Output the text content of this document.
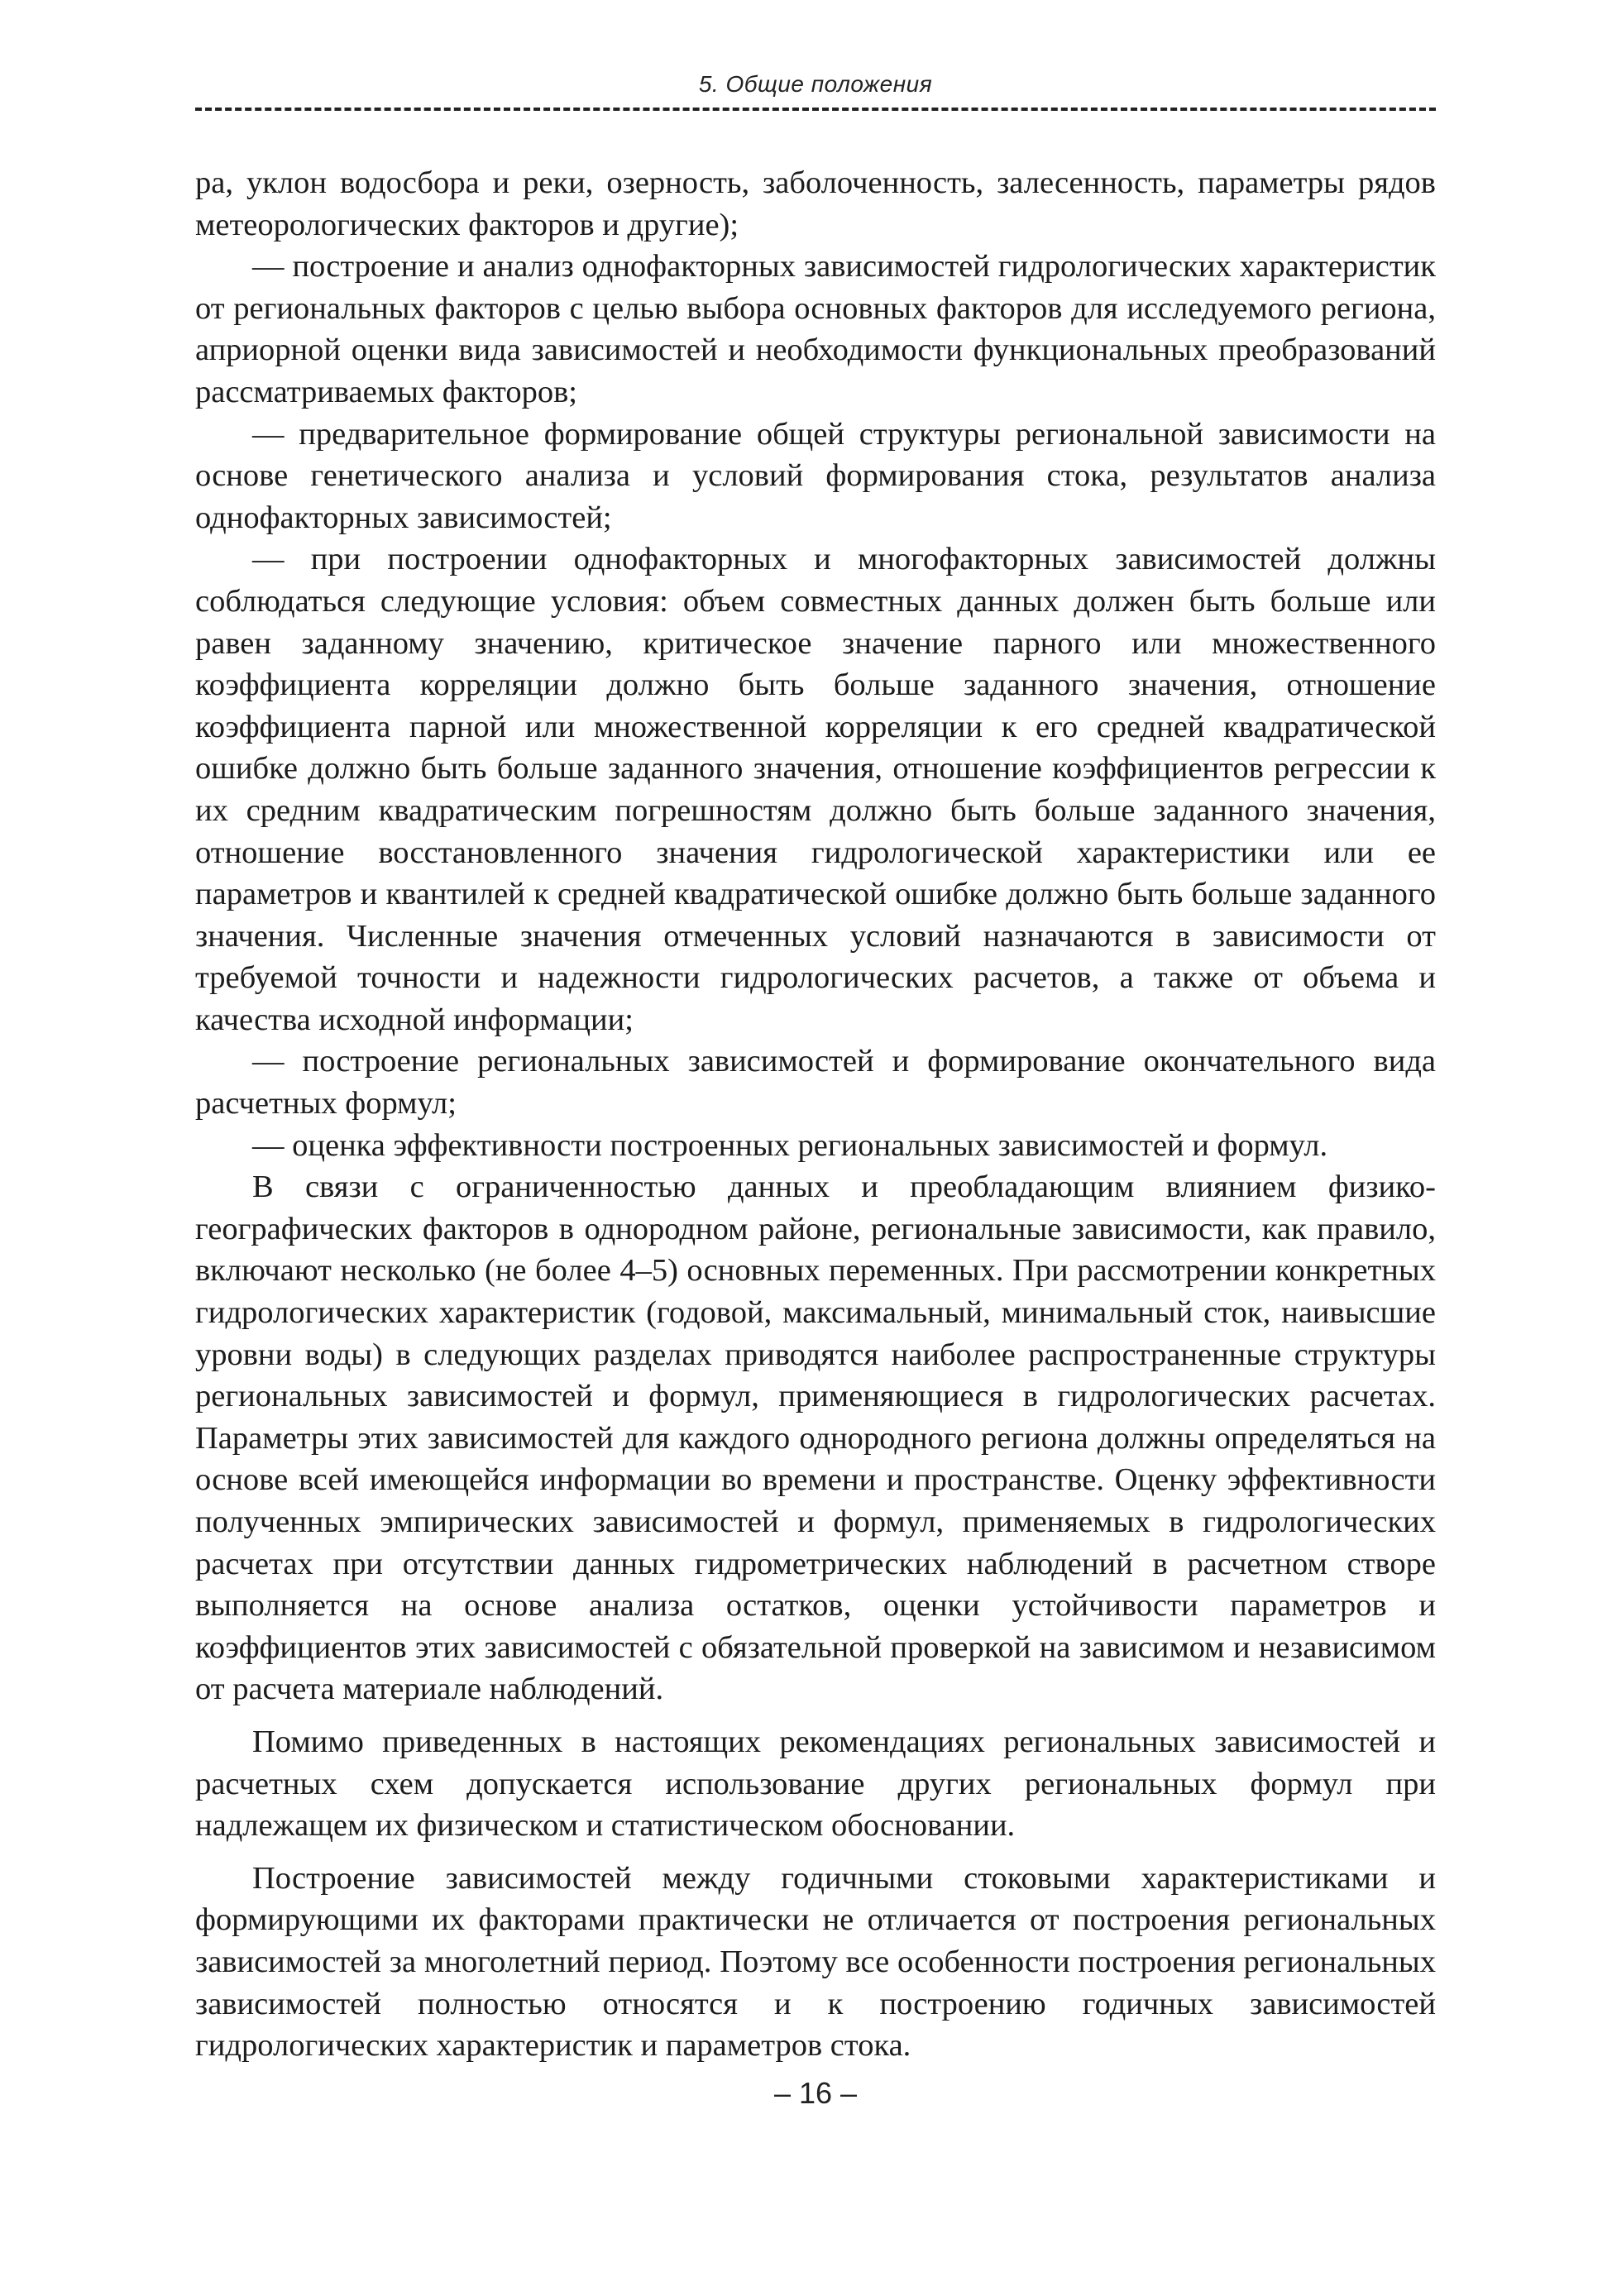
5. Общие положения

ра, уклон водосбора и реки, озерность, заболоченность, залесенность, параметры рядов метеорологических факторов и другие);

— построение и анализ однофакторных зависимостей гидрологических характеристик от региональных факторов с целью выбора основных факторов для исследуемого региона, априорной оценки вида зависимостей и необходимости функциональных преобразований рассматриваемых факторов;

— предварительное формирование общей структуры региональной зависимости на основе генетического анализа и условий формирования стока, результатов анализа однофакторных зависимостей;

— при построении однофакторных и многофакторных зависимостей должны соблюдаться следующие условия: объем совместных данных должен быть больше или равен заданному значению, критическое значение парного или множественного коэффициента корреляции должно быть больше заданного значения, отношение коэффициента парной или множественной корреляции к его средней квадратической ошибке должно быть больше заданного значения, отношение коэффициентов регрессии к их средним квадратическим погрешностям должно быть больше заданного значения, отношение восстановленного значения гидрологической характеристики или ее параметров и квантилей к средней квадратической ошибке должно быть больше заданного значения. Численные значения отмеченных условий назначаются в зависимости от требуемой точности и надежности гидрологических расчетов, а также от объема и качества исходной информации;

— построение региональных зависимостей и формирование окончательного вида расчетных формул;

— оценка эффективности построенных региональных зависимостей и формул.

В связи с ограниченностью данных и преобладающим влиянием физико-географических факторов в однородном районе, региональные зависимости, как правило, включают несколько (не более 4–5) основных переменных. При рассмотрении конкретных гидрологических характеристик (годовой, максимальный, минимальный сток, наивысшие уровни воды) в следующих разделах приводятся наиболее распространенные структуры региональных зависимостей и формул, применяющиеся в гидрологических расчетах. Параметры этих зависимостей для каждого однородного региона должны определяться на основе всей имеющейся информации во времени и пространстве. Оценку эффективности полученных эмпирических зависимостей и формул, применяемых в гидрологических расчетах при отсутствии данных гидрометрических наблюдений в расчетном створе выполняется на основе анализа остатков, оценки устойчивости параметров и коэффициентов этих зависимостей с обязательной проверкой на зависимом и независимом от расчета материале наблюдений.

Помимо приведенных в настоящих рекомендациях региональных зависимостей и расчетных схем допускается использование других региональных формул при надлежащем их физическом и статистическом обосновании.

Построение зависимостей между годичными стоковыми характеристиками и формирующими их факторами практически не отличается от построения региональных зависимостей за многолетний период. Поэтому все особенности построения региональных зависимостей полностью относятся и к построению годичных зависимостей гидрологических характеристик и параметров стока.

– 16 –
